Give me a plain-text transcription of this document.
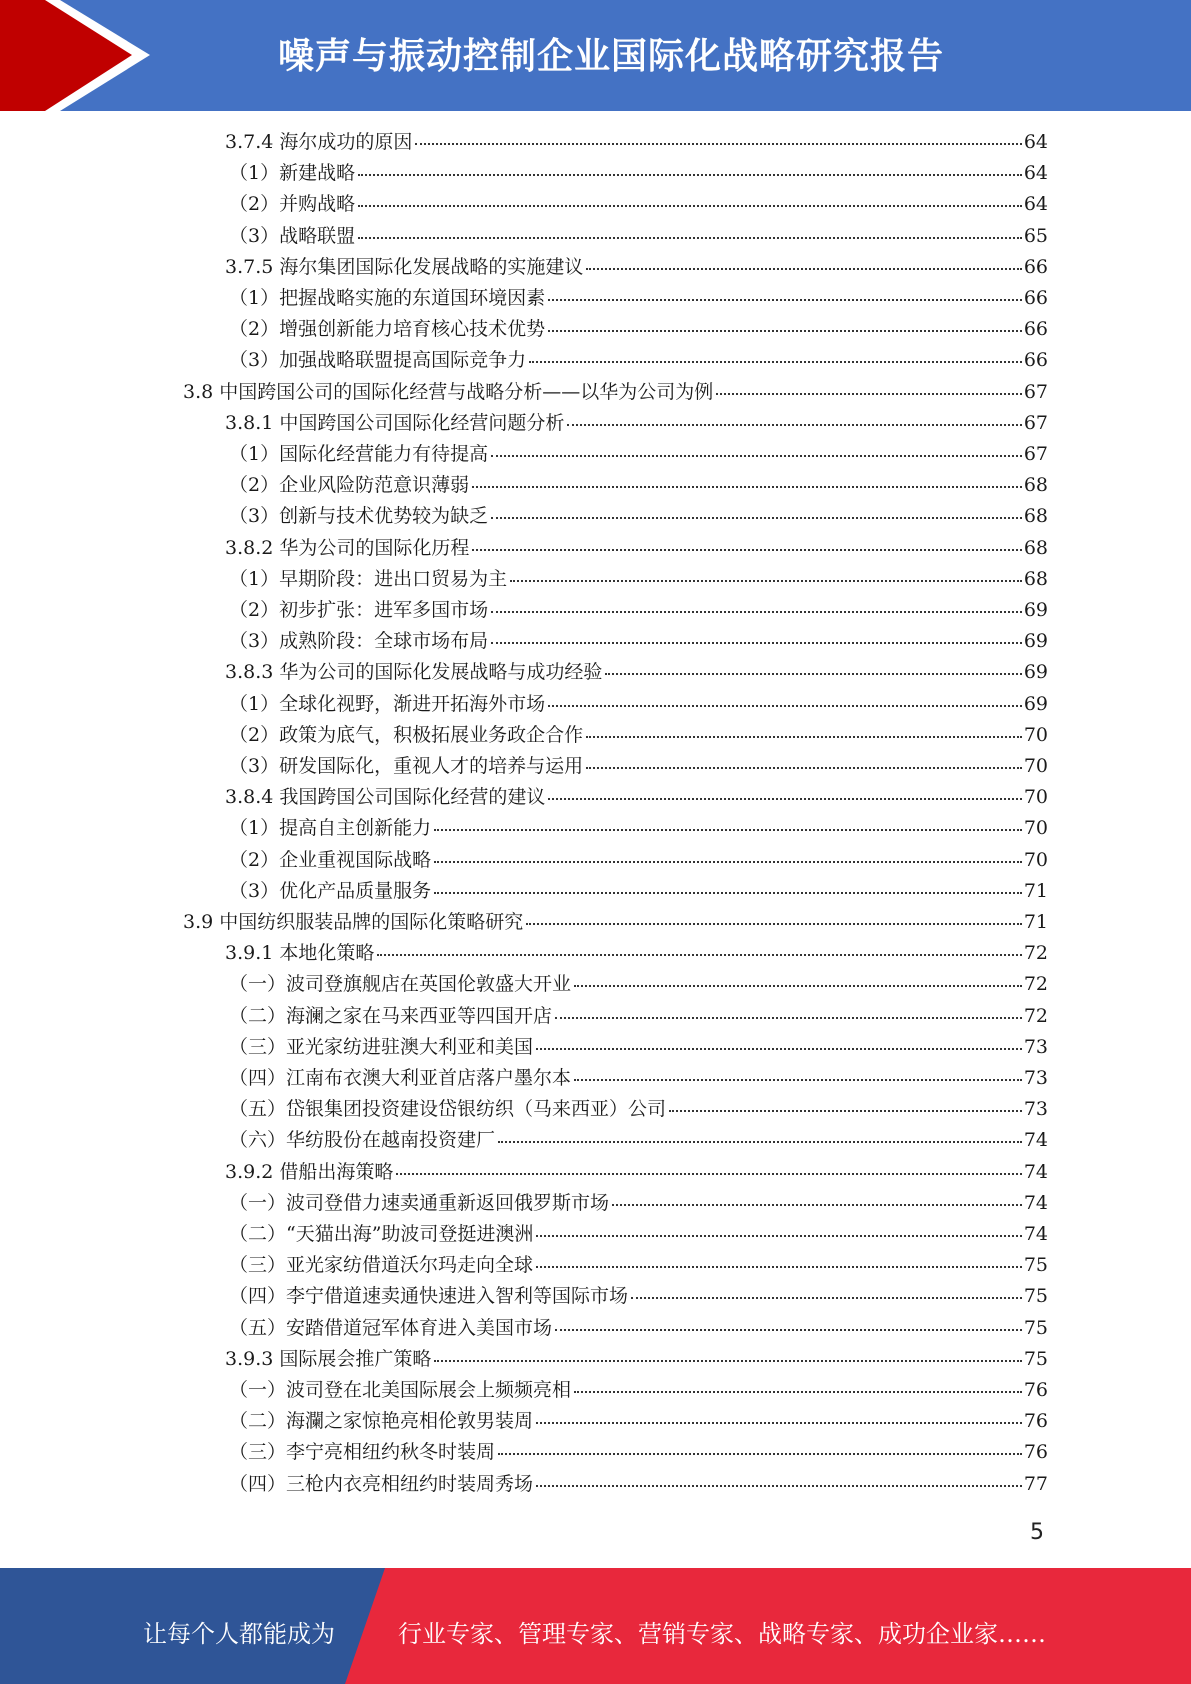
噪声与振动控制企业国际化战略研究报告
3.7.4 海尔成功的原因	64
（1）新建战略	64
（2）并购战略	64
（3）战略联盟	65
3.7.5 海尔集团国际化发展战略的实施建议	66
（1）把握战略实施的东道国环境因素	66
（2）增强创新能力培育核心技术优势	66
（3）加强战略联盟提高国际竞争力	66
3.8 中国跨国公司的国际化经营与战略分析——以华为公司为例	67
3.8.1 中国跨国公司国际化经营问题分析	67
（1）国际化经营能力有待提高	67
（2）企业风险防范意识薄弱	68
（3）创新与技术优势较为缺乏	68
3.8.2 华为公司的国际化历程	68
（1）早期阶段：进出口贸易为主	68
（2）初步扩张：进军多国市场	69
（3）成熟阶段：全球市场布局	69
3.8.3 华为公司的国际化发展战略与成功经验	69
（1）全球化视野，渐进开拓海外市场	69
（2）政策为底气，积极拓展业务政企合作	70
（3）研发国际化，重视人才的培养与运用	70
3.8.4 我国跨国公司国际化经营的建议	70
（1）提高自主创新能力	70
（2）企业重视国际战略	70
（3）优化产品质量服务	71
3.9 中国纺织服装品牌的国际化策略研究	71
3.9.1 本地化策略	72
（一）波司登旗舰店在英国伦敦盛大开业	72
（二）海澜之家在马来西亚等四国开店	72
（三）亚光家纺进驻澳大利亚和美国	73
（四）江南布衣澳大利亚首店落户墨尔本	73
（五）岱银集团投资建设岱银纺织（马来西亚）公司	73
（六）华纺股份在越南投资建厂	74
3.9.2 借船出海策略	74
（一）波司登借力速卖通重新返回俄罗斯市场	74
（二）“天猫出海”助波司登挺进澳洲	74
（三）亚光家纺借道沃尔玛走向全球	75
（四）李宁借道速卖通快速进入智利等国际市场	75
（五）安踏借道冠军体育进入美国市场	75
3.9.3 国际展会推广策略	75
（一）波司登在北美国际展会上频频亮相	76
（二）海瀾之家惊艳亮相伦敦男装周	76
（三）李宁亮相纽约秋冬时装周	76
（四）三枪内衣亮相纽约时装周秀场	77
5
让每个人都能成为	行业专家、管理专家、营销专家、战略专家、成功企业家……
